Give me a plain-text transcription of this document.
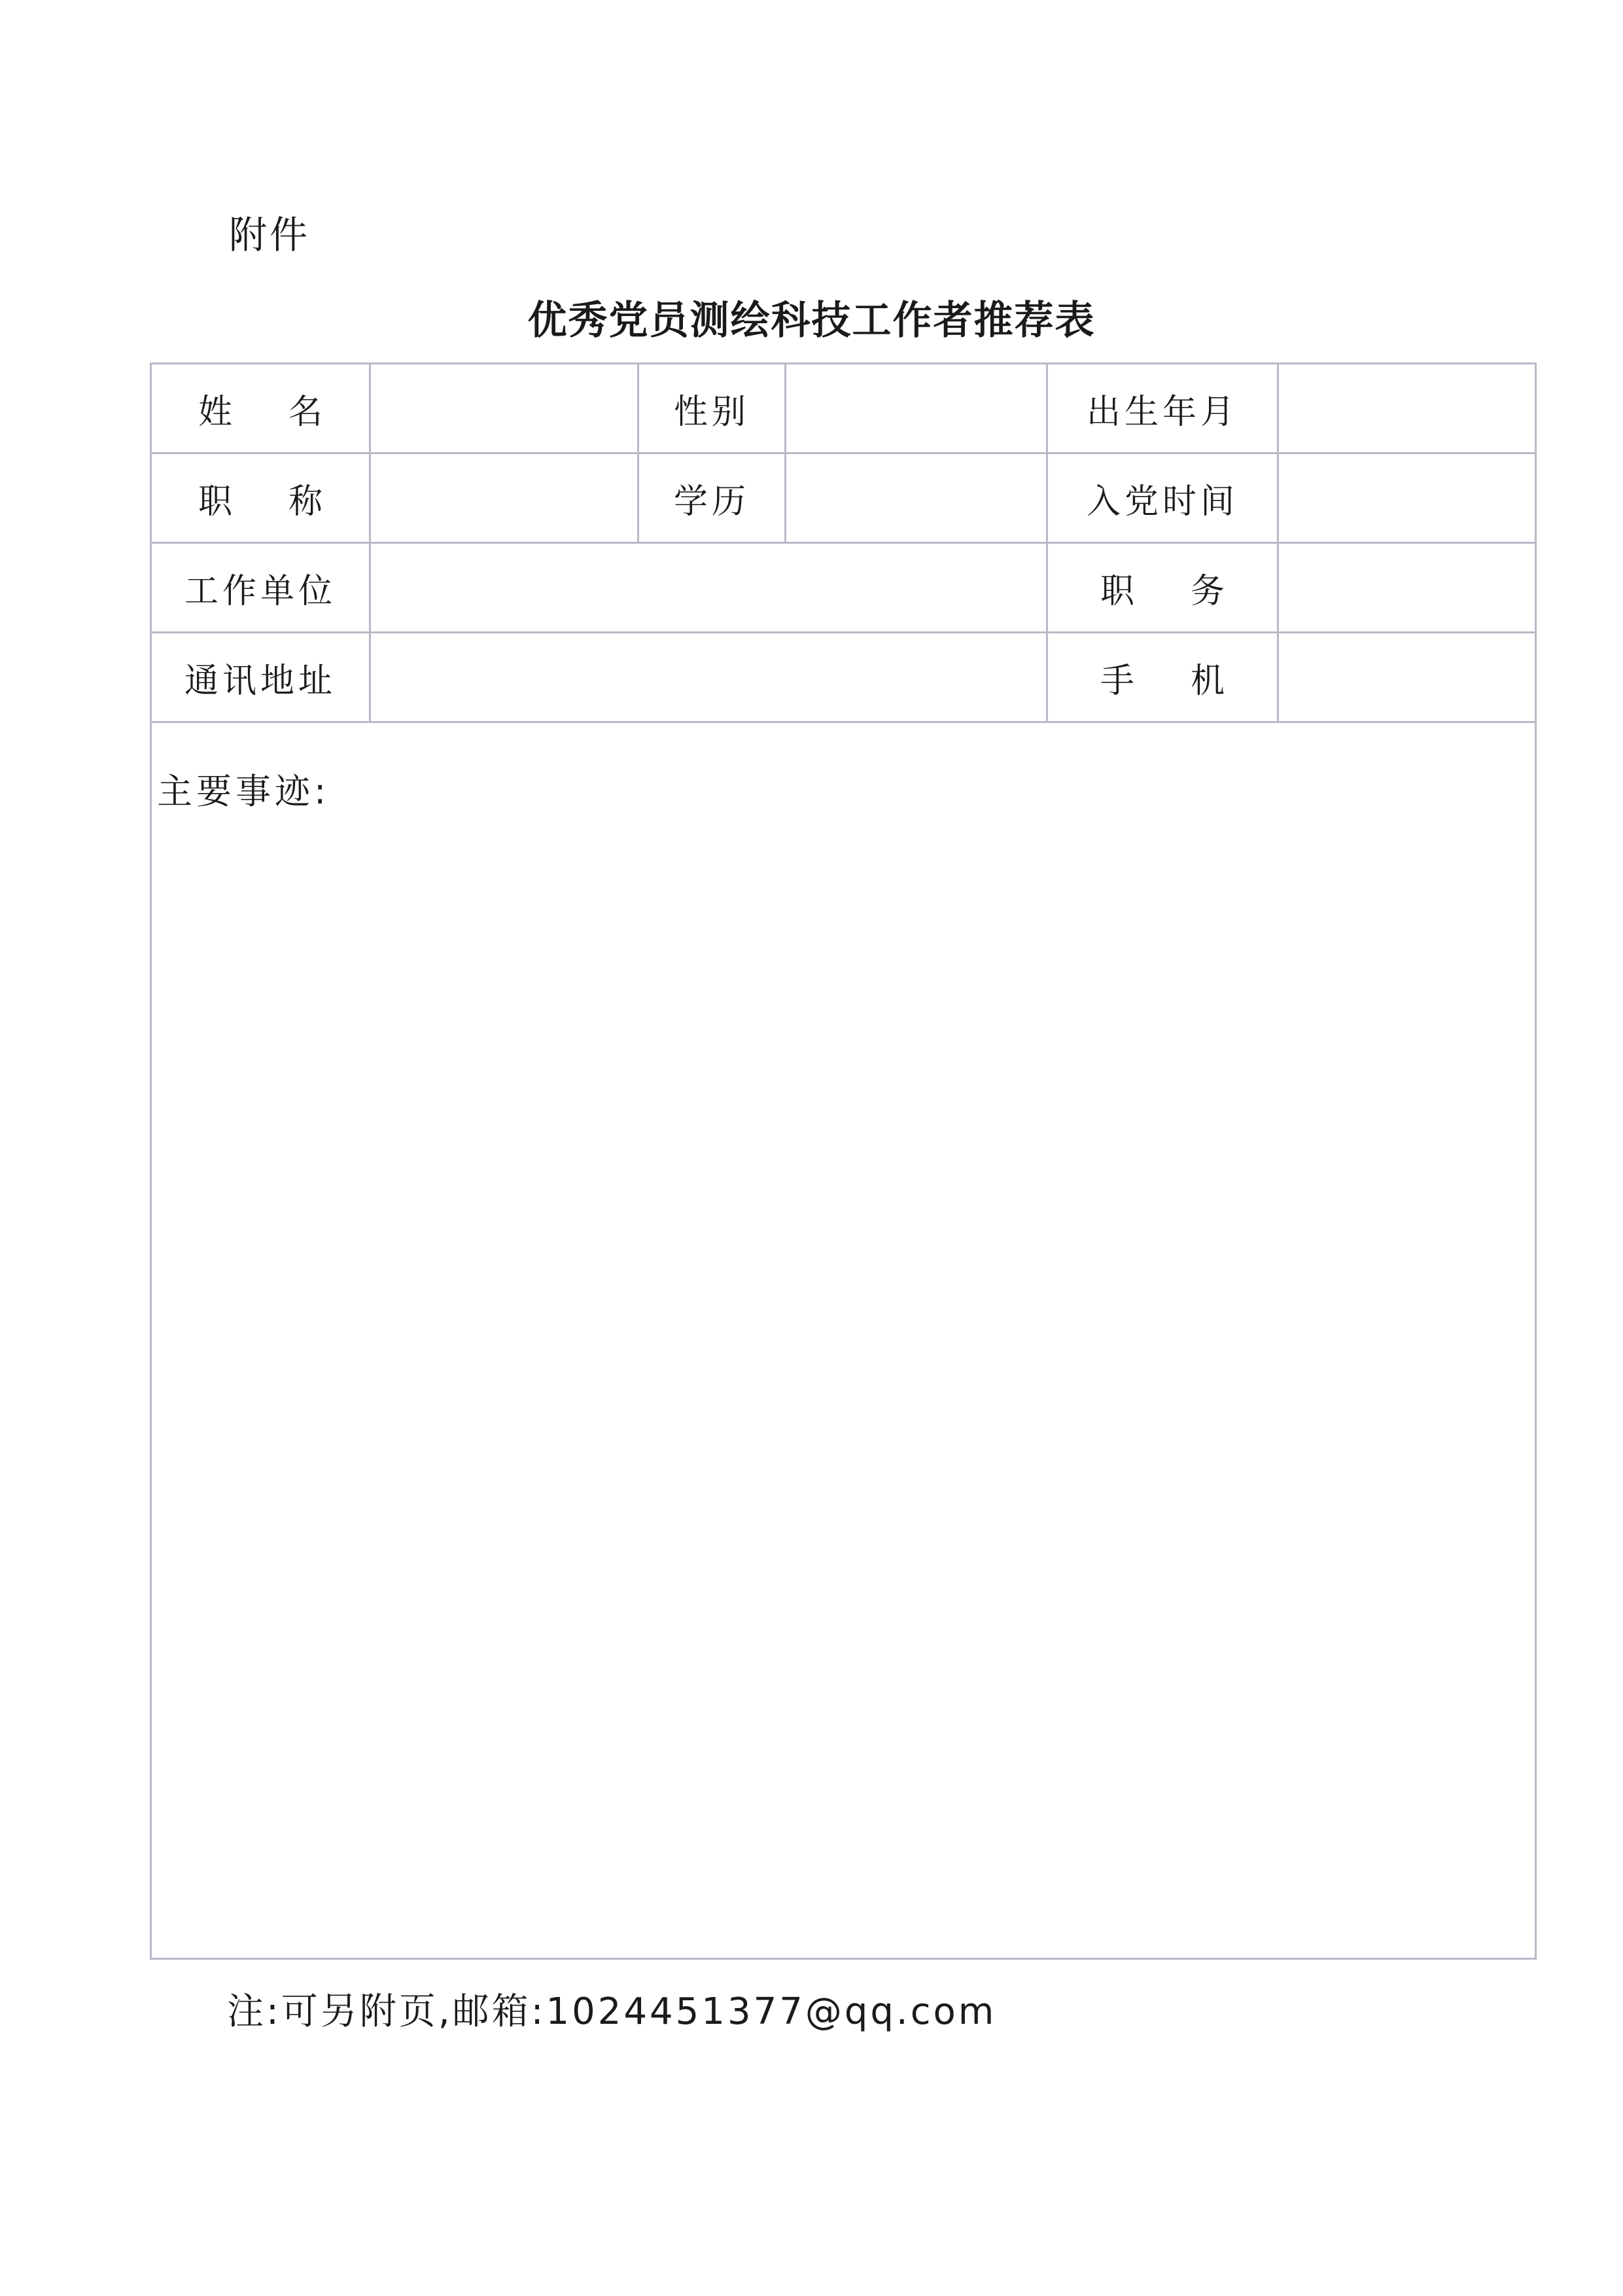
附件
优秀党员测绘科技工作者推荐表
姓 名		性别		出生年月	
职 称		学历		入党时间	
工作单位				职 务	
通讯地址				手 机	

主要事迹:					
注:可另附页,邮箱:1024451377@qq.com
